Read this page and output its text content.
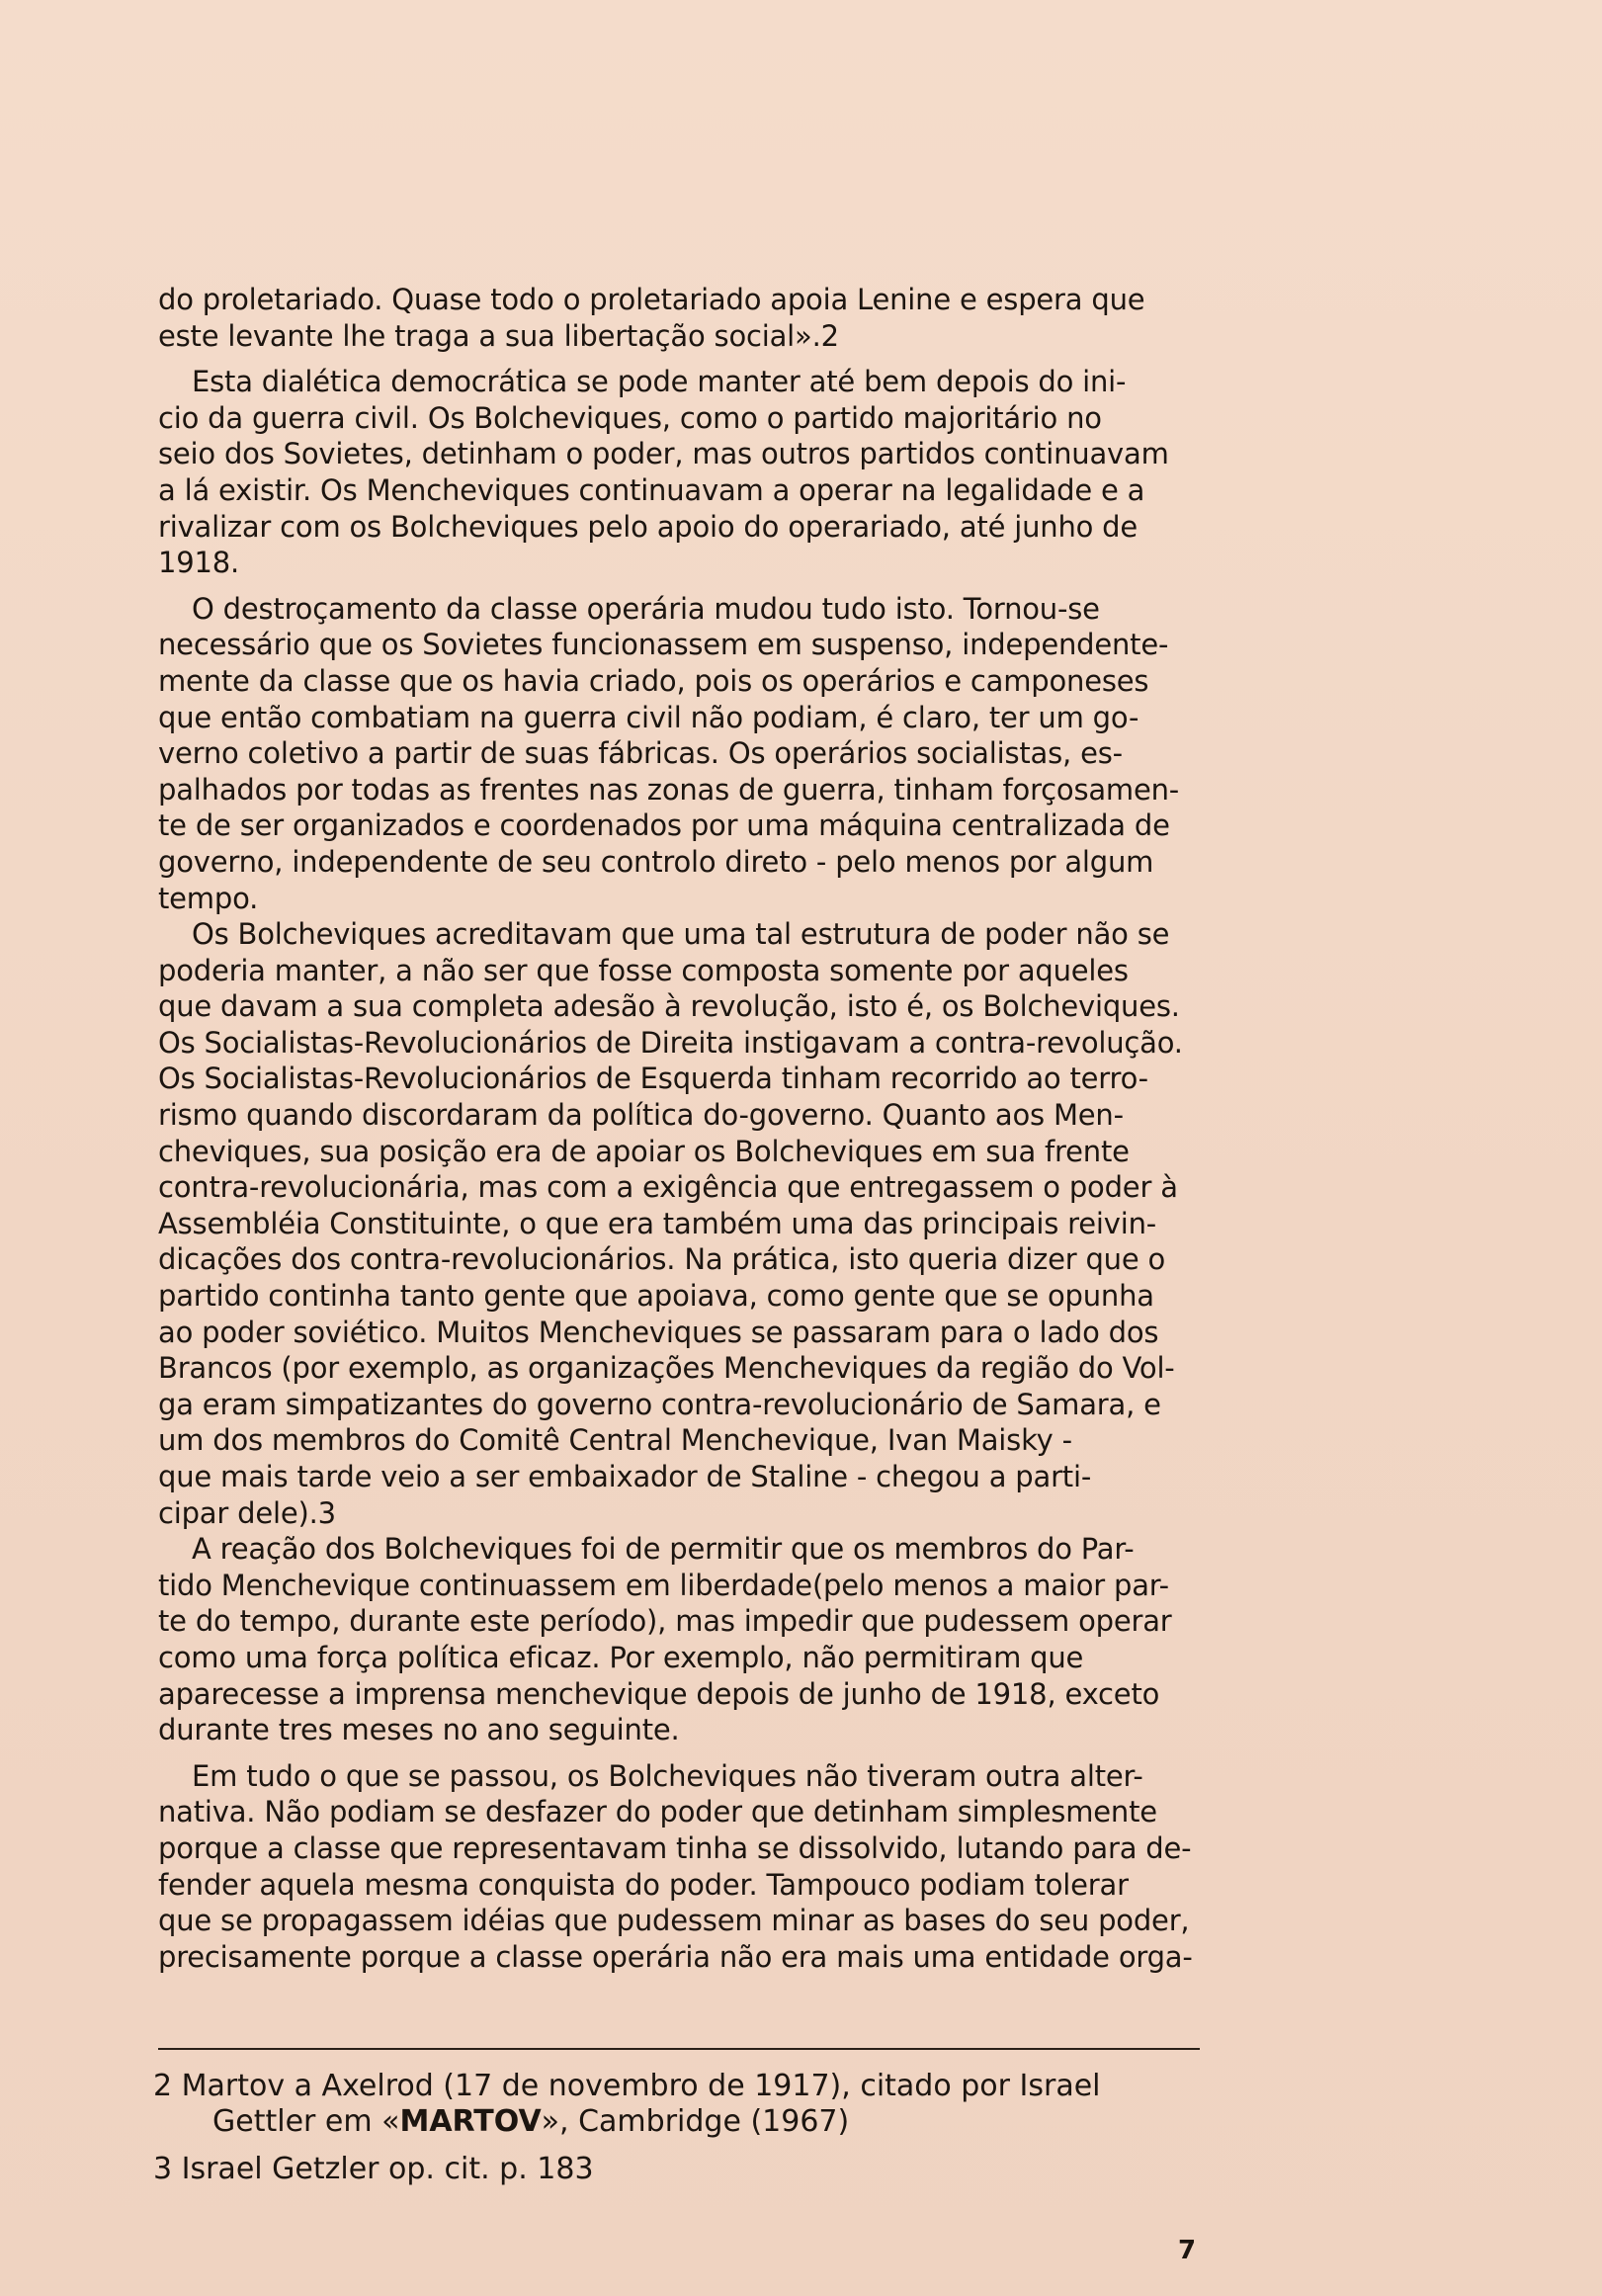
do proletariado. Quase todo o proletariado apoia Lenine e espera que
este levante lhe traga a sua libertação social».2
Esta dialética democrática se pode manter até bem depois do ini-
cio da guerra civil. Os Bolcheviques, como o partido majoritário no
seio dos Sovietes, detinham o poder, mas outros partidos continuavam
a lá existir. Os Mencheviques continuavam a operar na legalidade e a
rivalizar com os Bolcheviques pelo apoio do operariado, até junho de
1918.
O destroçamento da classe operária mudou tudo isto. Tornou-se
necessário que os Sovietes funcionassem em suspenso, independente-
mente da classe que os havia criado, pois os operários e camponeses
que então combatiam na guerra civil não podiam, é claro, ter um go-
verno coletivo a partir de suas fábricas. Os operários socialistas, es-
palhados por todas as frentes nas zonas de guerra, tinham forçosamen-
te de ser organizados e coordenados por uma máquina centralizada de
governo, independente de seu controlo direto - pelo menos por algum
tempo.
Os Bolcheviques acreditavam que uma tal estrutura de poder não se
poderia manter, a não ser que fosse composta somente por aqueles
que davam a sua completa adesão à revolução, isto é, os Bolcheviques.
Os Socialistas-Revolucionários de Direita instigavam a contra-revolução.
Os Socialistas-Revolucionários de Esquerda tinham recorrido ao terro-
rismo quando discordaram da política do-governo. Quanto aos Men-
cheviques, sua posição era de apoiar os Bolcheviques em sua frente
contra-revolucionária, mas com a exigência que entregassem o poder à
Assembléia Constituinte, o que era também uma das principais reivin-
dicações dos contra-revolucionários. Na prática, isto queria dizer que o
partido continha tanto gente que apoiava, como gente que se opunha
ao poder soviético. Muitos Mencheviques se passaram para o lado dos
Brancos (por exemplo, as organizações Mencheviques da região do Vol-
ga eram simpatizantes do governo contra-revolucionário de Samara, e
um dos membros do Comitê Central Menchevique, Ivan Maisky -
que mais tarde veio a ser embaixador de Staline - chegou a parti-
cipar dele).3
A reação dos Bolcheviques foi de permitir que os membros do Par-
tido Menchevique continuassem em liberdade(pelo menos a maior par-
te do tempo, durante este período), mas impedir que pudessem operar
como uma força política eficaz. Por exemplo, não permitiram que
aparecesse a imprensa menchevique depois de junho de 1918, exceto
durante tres meses no ano seguinte.
Em tudo o que se passou, os Bolcheviques não tiveram outra alter-
nativa. Não podiam se desfazer do poder que detinham simplesmente
porque a classe que representavam tinha se dissolvido, lutando para de-
fender aquela mesma conquista do poder. Tampouco podiam tolerar
que se propagassem idéias que pudessem minar as bases do seu poder,
precisamente porque a classe operária não era mais uma entidade orga-
2 Martov a Axelrod (17 de novembro de 1917), citado por Israel
Gettler em «MARTOV», Cambridge (1967)
3 Israel Getzler op. cit. p. 183
7
